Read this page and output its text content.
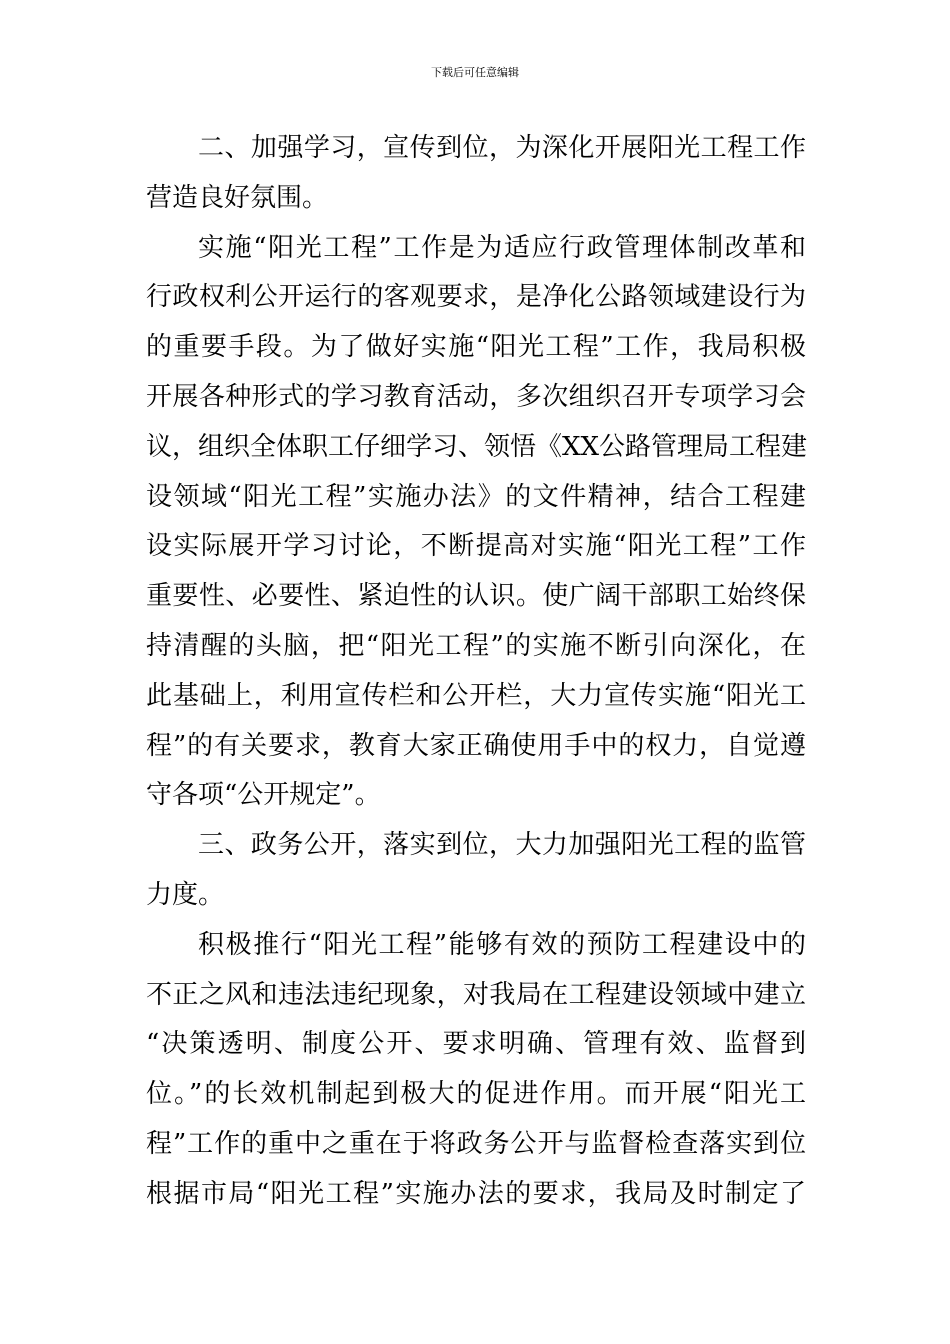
下载后可任意编辑
二、加强学习，宣传到位，为深化开展阳光工程工作
营造良好氛围。
实施“阳光工程”工作是为适应行政管理体制改革和
行政权利公开运行的客观要求，是净化公路领域建设行为
的重要手段。为了做好实施“阳光工程”工作，我局积极
开展各种形式的学习教育活动，多次组织召开专项学习会
议，组织全体职工仔细学习、领悟《XX公路管理局工程建
设领域“阳光工程”实施办法》的文件精神，结合工程建
设实际展开学习讨论，不断提高对实施“阳光工程”工作
重要性、必要性、紧迫性的认识。使广阔干部职工始终保
持清醒的头脑，把“阳光工程”的实施不断引向深化，在
此基础上，利用宣传栏和公开栏，大力宣传实施“阳光工
程”的有关要求，教育大家正确使用手中的权力，自觉遵
守各项“公开规定”。
三、政务公开，落实到位，大力加强阳光工程的监管
力度。
积极推行“阳光工程”能够有效的预防工程建设中的
不正之风和违法违纪现象，对我局在工程建设领域中建立
“决策透明、制度公开、要求明确、管理有效、监督到
位。”的长效机制起到极大的促进作用。而开展“阳光工
程”工作的重中之重在于将政务公开与监督检查落实到位
根据市局“阳光工程”实施办法的要求，我局及时制定了
